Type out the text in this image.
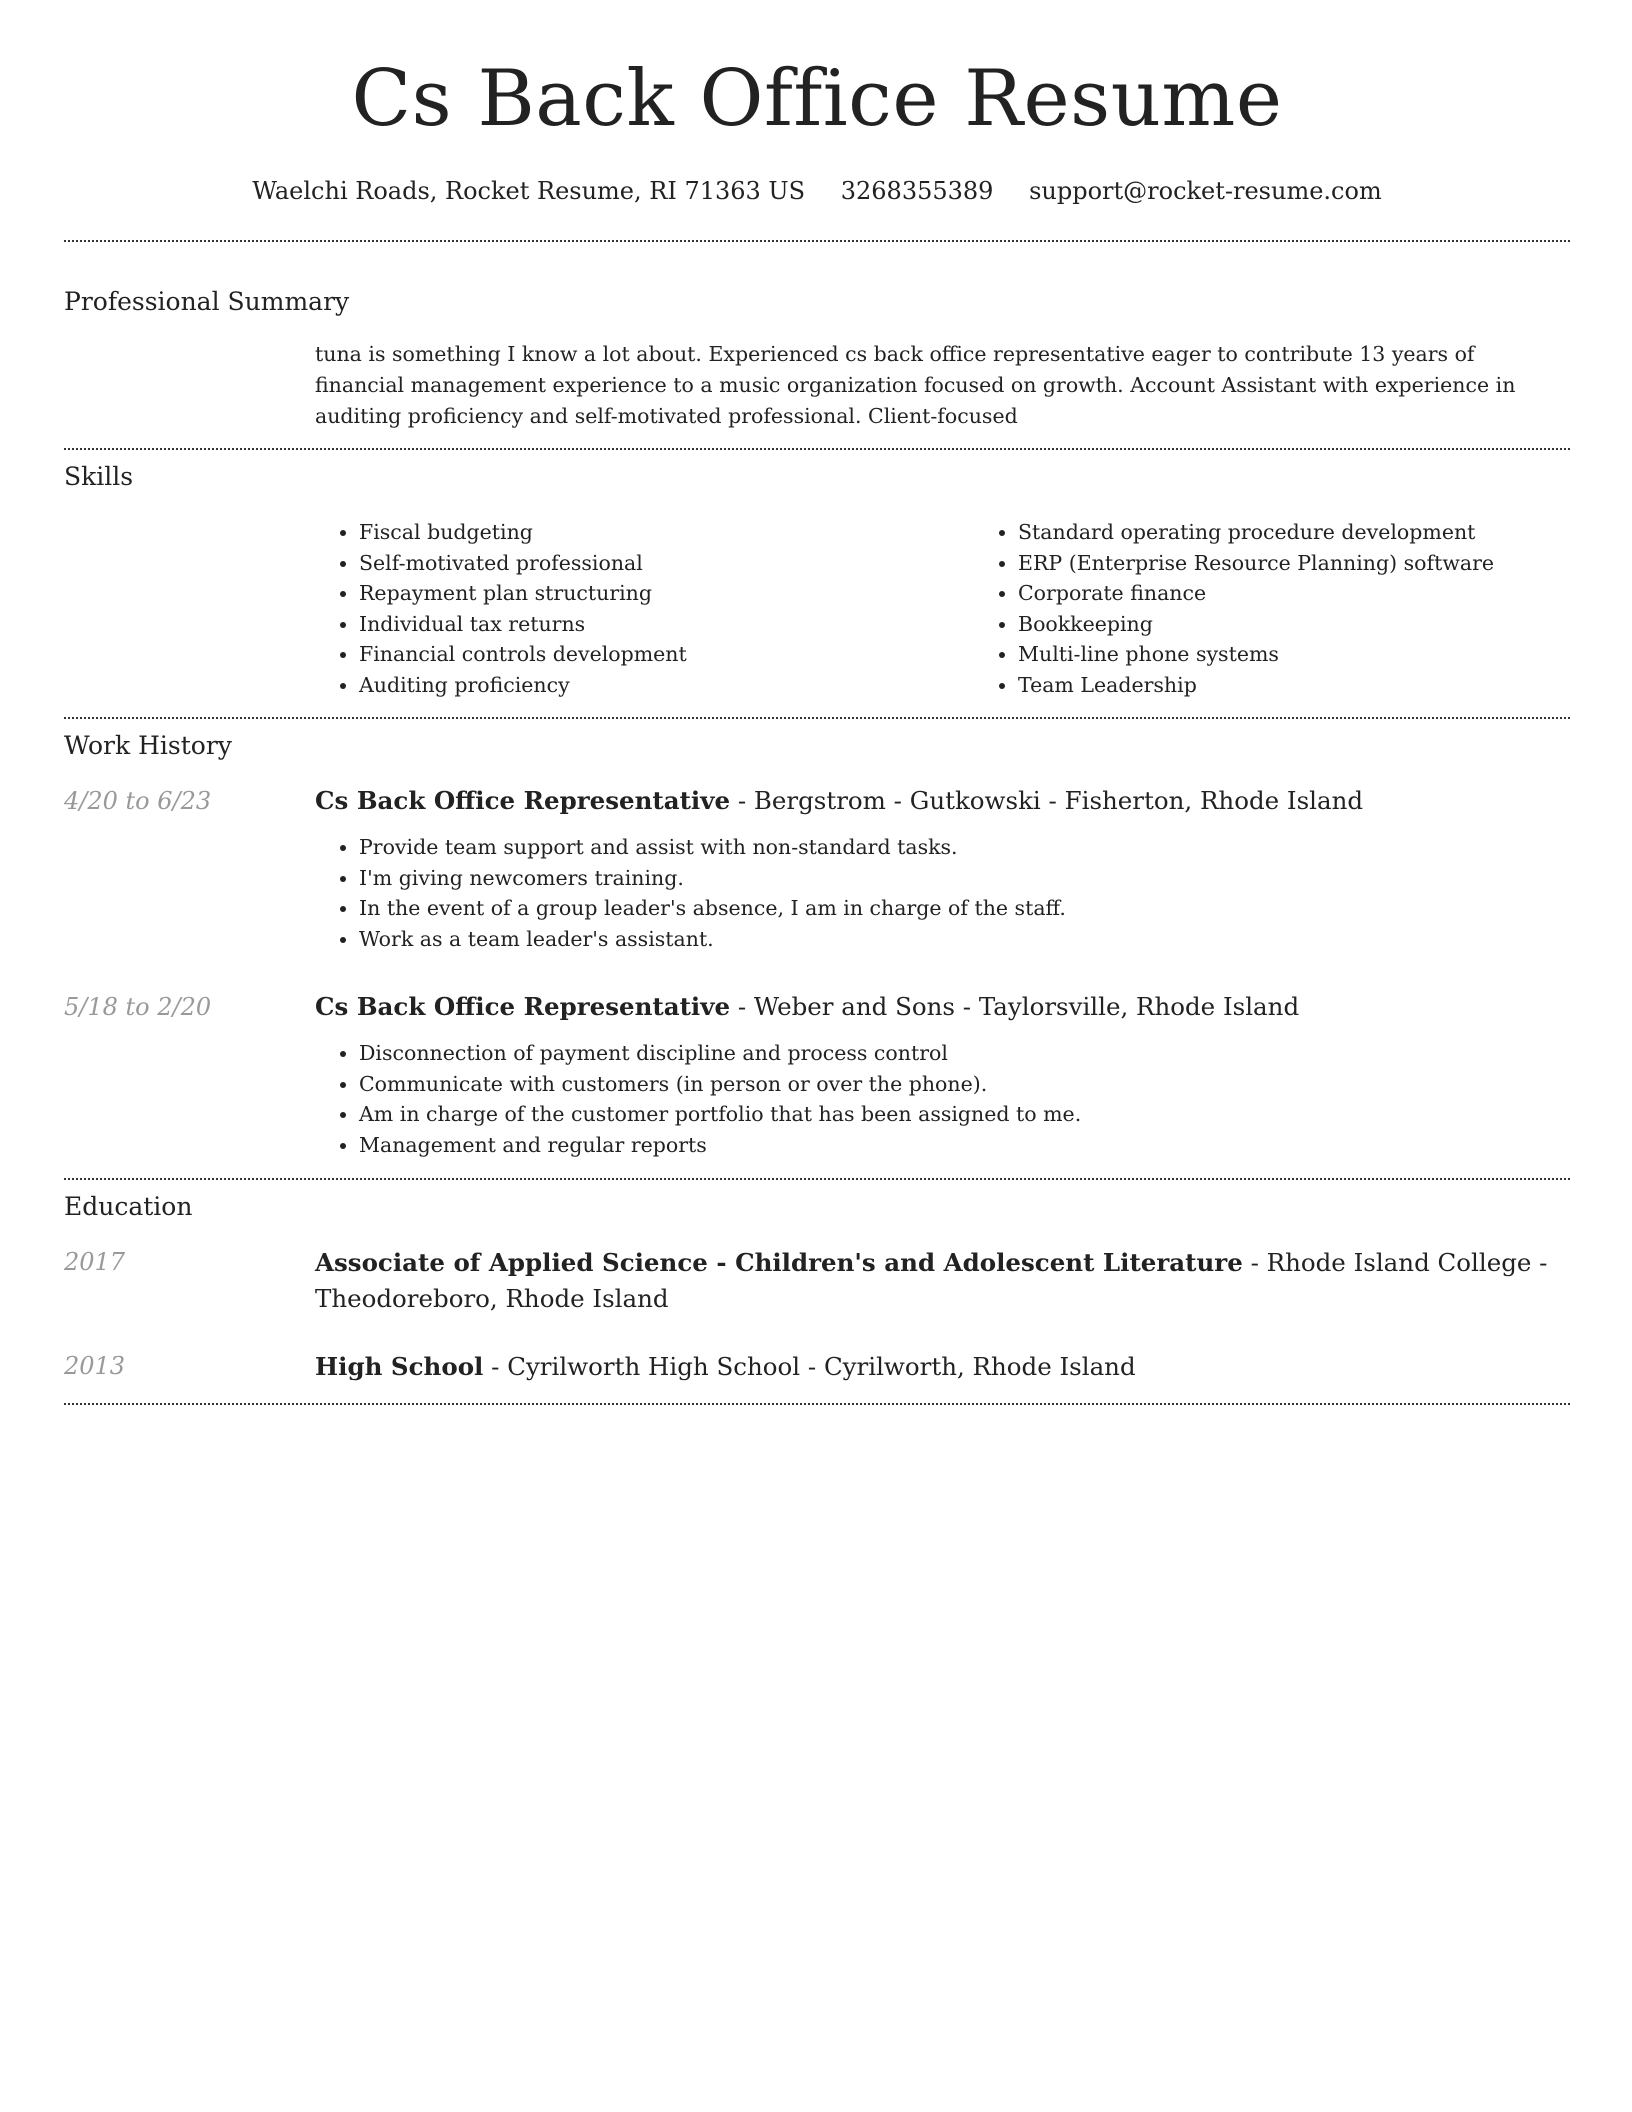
Cs Back Office Resume
Waelchi Roads, Rocket Resume, RI 71363 US 3268355389 support@rocket-resume.com
Professional Summary

tuna is something I know a lot about. Experienced cs back office representative eager to contribute 13 years of financial management experience to a music organization focused on growth. Account Assistant with experience in auditing proficiency and self-motivated professional. Client-focused

Skills
• Fiscal budgeting
• Self-motivated professional
• Repayment plan structuring
• Individual tax returns
• Financial controls development
• Auditing proficiency
• Standard operating procedure development
• ERP (Enterprise Resource Planning) software
• Corporate finance
• Bookkeeping
• Multi-line phone systems
• Team Leadership
Work History
4/20 to 6/23	Cs Back Office Representative - Bergstrom - Gutkowski - Fisherton, Rhode Island
• Provide team support and assist with non-standard tasks.
• I'm giving newcomers training.
• In the event of a group leader's absence, I am in charge of the staff.
• Work as a team leader's assistant.
5/18 to 2/20	Cs Back Office Representative - Weber and Sons - Taylorsville, Rhode Island
• Disconnection of payment discipline and process control
• Communicate with customers (in person or over the phone).
• Am in charge of the customer portfolio that has been assigned to me.
• Management and regular reports
Education
2017	Associate of Applied Science - Children's and Adolescent Literature - Rhode Island College - Theodoreboro, Rhode Island
2013	High School - Cyrilworth High School - Cyrilworth, Rhode Island
